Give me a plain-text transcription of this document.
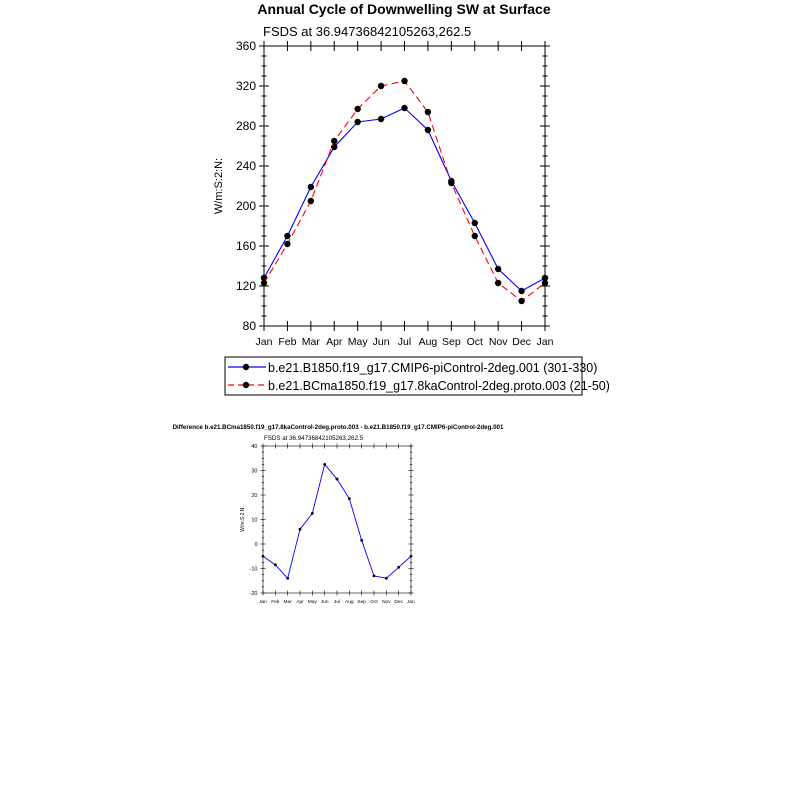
Annual Cycle of Downwelling SW at Surface
FSDS at 36.94736842105263,262.5
W/m:S:2:N:
Difference b.e21.BCma1850.f19_g17.8kaControl-2deg.proto.003 - b.e21.B1850.f19_g17.CMIP6-piControl-2deg.001
FSDS at 36.94736842105263,262.5
W/m:S:2:N:
b.e21.B1850.f19_g17.CMIP6-piControl-2deg.001 (301-330)
b.e21.BCma1850.f19_g17.8kaControl-2deg.proto.003 (21-50)
80
120
160
200
240
280
320
360
Jan Feb Mar Apr May Jun Jul Aug Sep Oct Nov Dec Jan
-20
-10
0
10
20
30
40
Jan Feb Mar Apr May Jun Jul Aug Sep Oct Nov Dec Jan
